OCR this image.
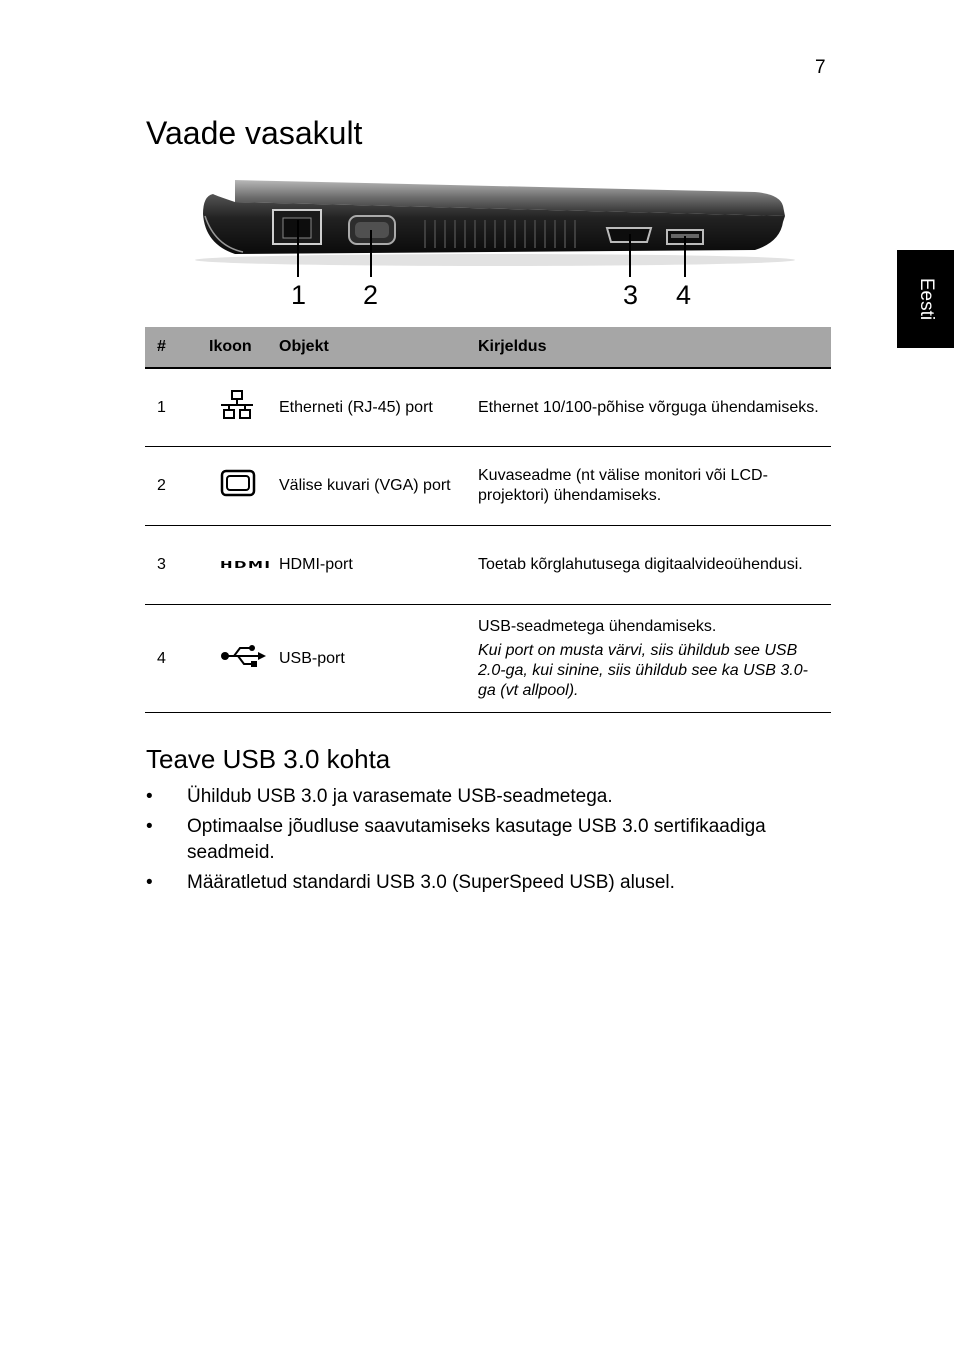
7
Eesti
Vaade vasakult
1 2	3 4
#	Ikoon	Objekt	Kirjeldus
1		Etherneti (RJ-45) port	Ethernet 10/100-põhise võrguga ühendamiseks.

2		Välise kuvari (VGA) port	Kuvaseadme (nt välise monitori või LCD-projektori) ühendamiseks.

3	HDMI	HDMI-port	Toetab kõrglahutusega digitaalvideoühendusi.

4		USB-port	USB-seadmetega ühendamiseks.
Kui port on musta värvi, siis ühildub see USB 2.0-ga, kui sinine, siis ühildub see ka USB 3.0-ga (vt allpool).
Teave USB 3.0 kohta
• Ühildub USB 3.0 ja varasemate USB-seadmetega.
• Optimaalse jõudluse saavutamiseks kasutage USB 3.0 sertifikaadiga seadmeid.
• Määratletud standardi USB 3.0 (SuperSpeed USB) alusel.
